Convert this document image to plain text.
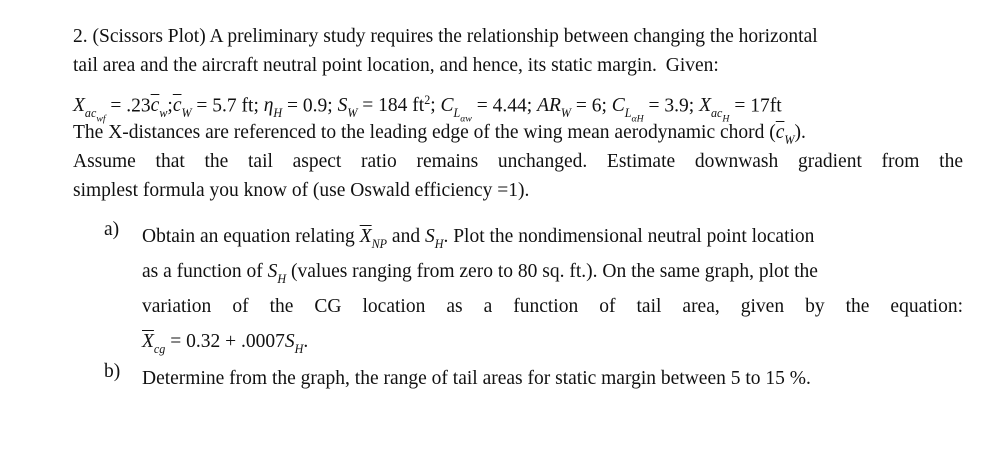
2. (Scissors Plot) A preliminary study requires the relationship between changing the horizontal
tail area and the aircraft neutral point location, and hence, its static margin. Given:
$X_{acwf}$ = $.23\overline{c}_w;\overline{c}_W = 5.7$ ft; $\eta_H = 0.9$; $S_W = 184$ $ft^2$; $C_{L\alpha w} = 4.44$; $AR_W = 6$; $C_{L\alpha H} = 3.9$; $X_{acH} = 17ft$
The X-distances are referenced to the leading edge of the wing mean aerodynamic chord $(\overline{c}_W)$.
Assume that the tail aspect ratio remains unchanged. Estimate downwash gradient from the
simplest formula you know of (use Oswald efficiency =1).
a) Obtain an equation relating $\overline{X}_{NP}$ and $S_H$. Plot the nondimensional neutral point location
as a function of $S_H$ (values ranging from zero to 80 sq. ft.). On the same graph, plot the
variation of the CG location as a function of tail area, given by the equation:
$\overline{X}_{cg} = 0.32 + .0007S_H$.
b) Determine from the graph, the range of tail areas for static margin between 5 to 15 %.
